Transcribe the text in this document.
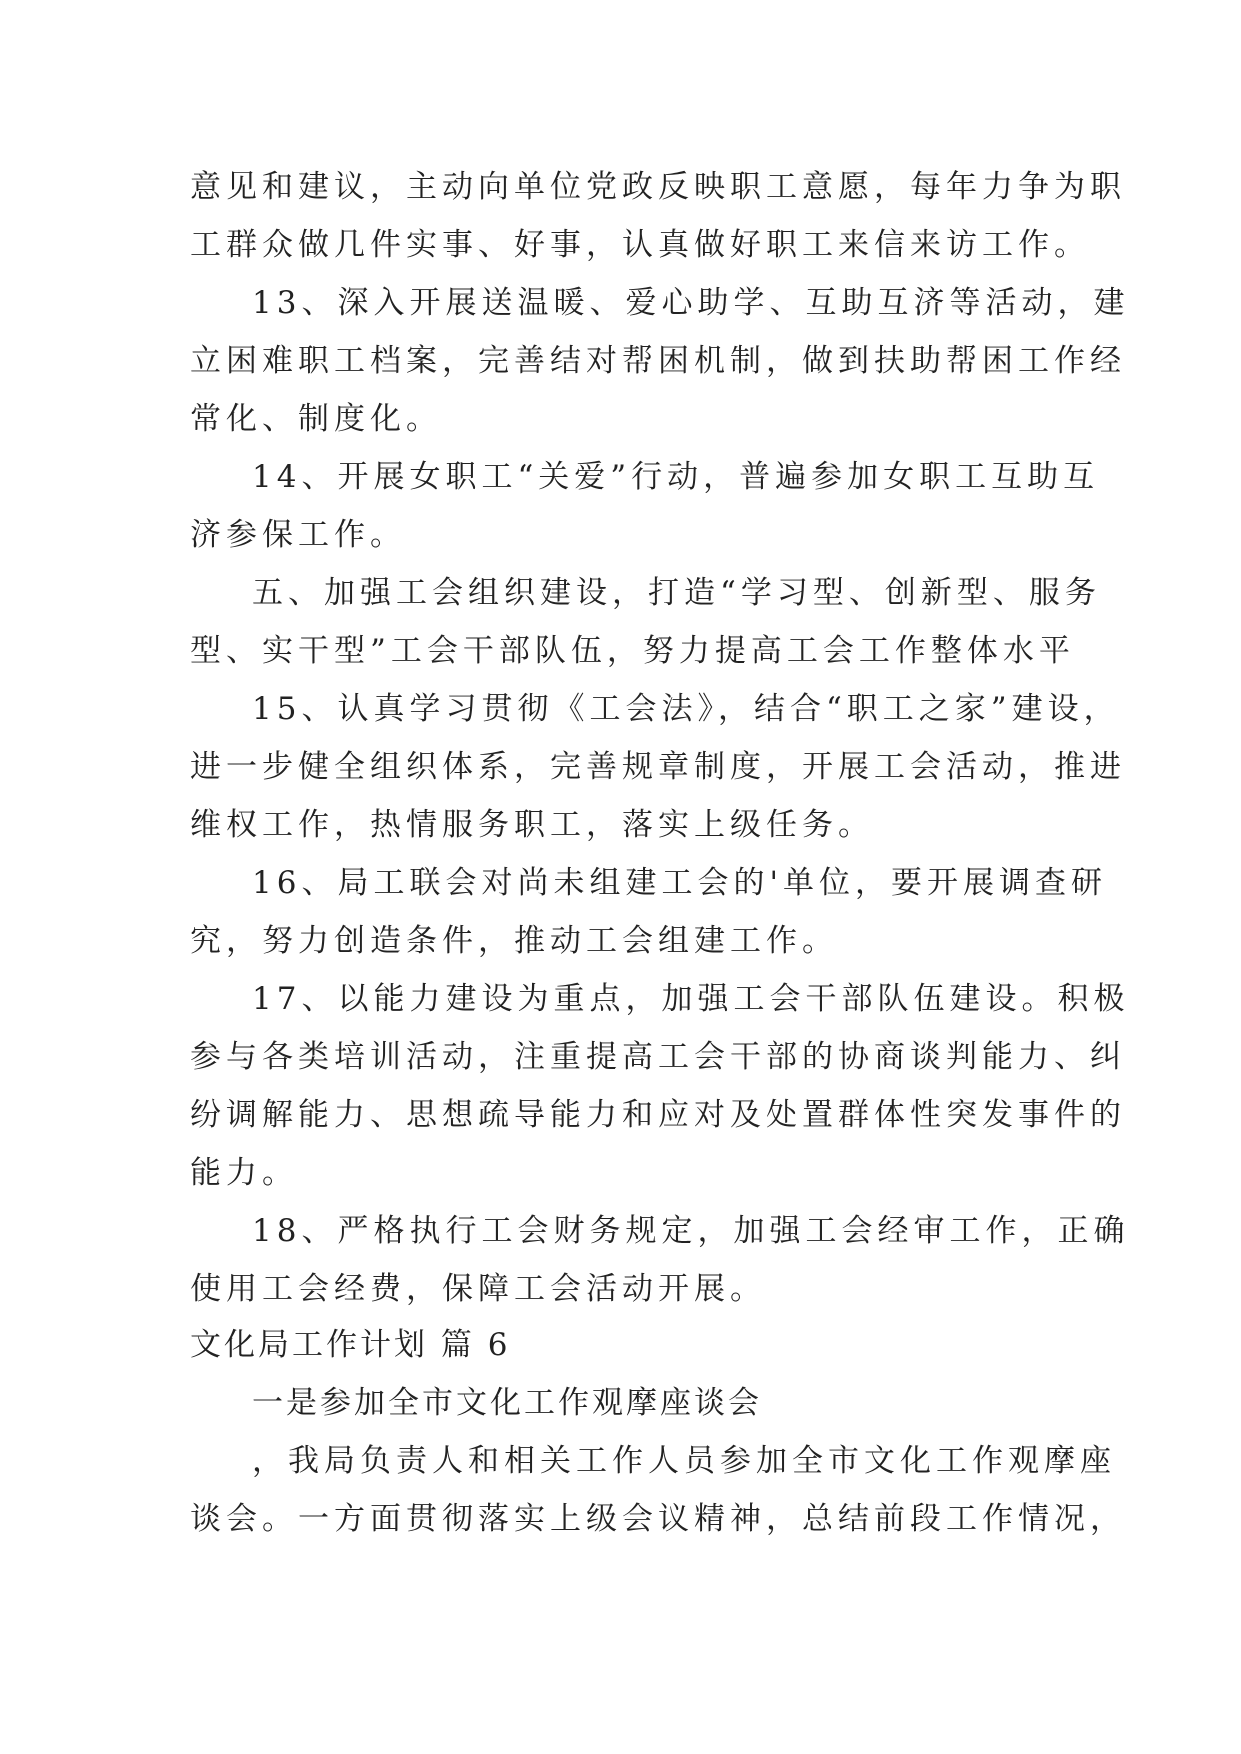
意见和建议，主动向单位党政反映职工意愿，每年力争为职
工群众做几件实事、好事，认真做好职工来信来访工作。
13、深入开展送温暖、爱心助学、互助互济等活动，建
立困难职工档案，完善结对帮困机制，做到扶助帮困工作经
常化、制度化。
14、开展女职工“关爱”行动，普遍参加女职工互助互
济参保工作。
五、加强工会组织建设，打造“学习型、创新型、服务
型、实干型”工会干部队伍，努力提高工会工作整体水平
15、认真学习贯彻《工会法》，结合“职工之家”建设，
进一步健全组织体系，完善规章制度，开展工会活动，推进
维权工作，热情服务职工，落实上级任务。
16、局工联会对尚未组建工会的'单位，要开展调查研
究，努力创造条件，推动工会组建工作。
17、以能力建设为重点，加强工会干部队伍建设。积极
参与各类培训活动，注重提高工会干部的协商谈判能力、纠
纷调解能力、思想疏导能力和应对及处置群体性突发事件的
能力。
18、严格执行工会财务规定，加强工会经审工作，正确
使用工会经费，保障工会活动开展。
文化局工作计划 篇 6
一是参加全市文化工作观摩座谈会
，我局负责人和相关工作人员参加全市文化工作观摩座
谈会。一方面贯彻落实上级会议精神，总结前段工作情况，
